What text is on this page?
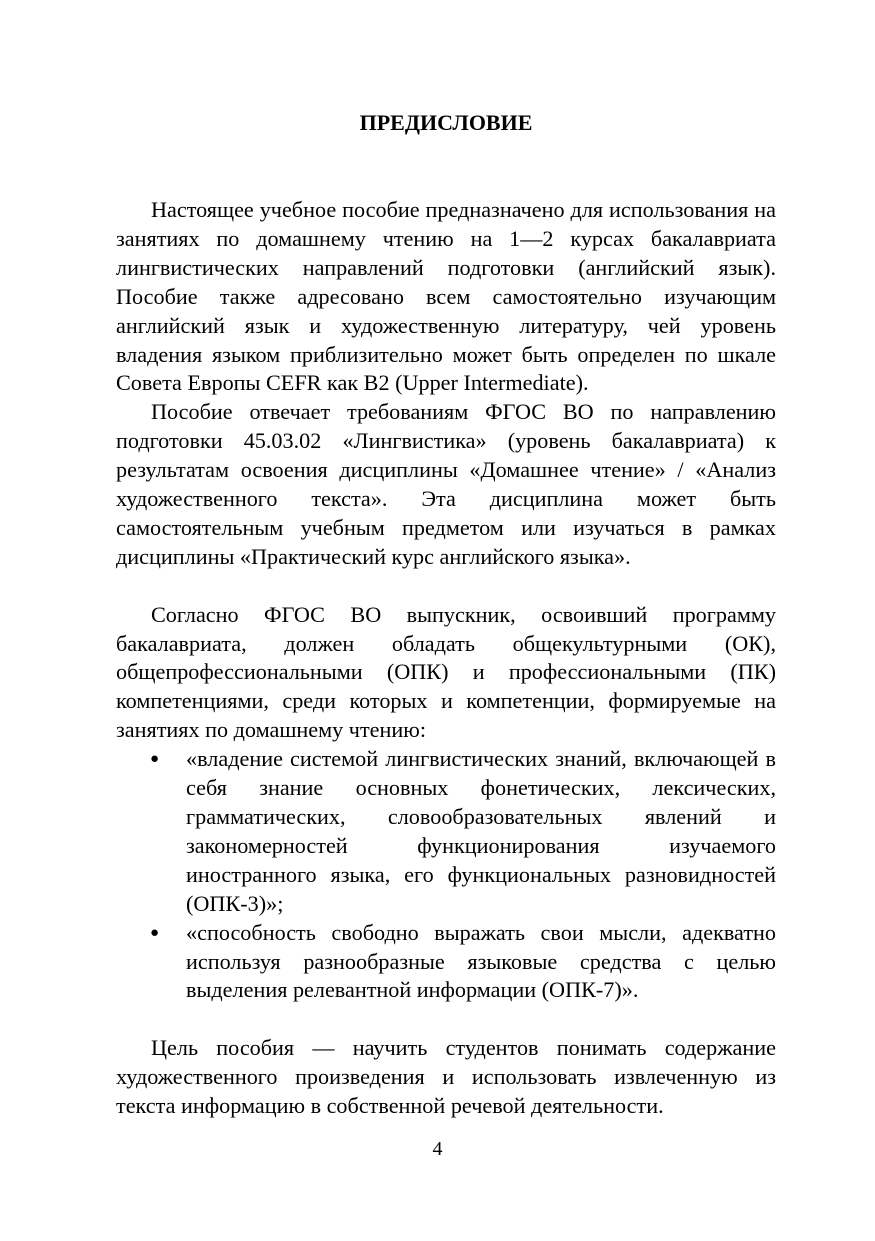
ПРЕДИСЛОВИЕ

Настоящее учебное пособие предназначено для использования на занятиях по домашнему чтению на 1—2 курсах бакалавриата лингвистических направлений подготовки (английский язык). Пособие также адресовано всем самостоятельно изучающим английский язык и художественную литературу, чей уровень владения языком приблизительно может быть определен по шкале Совета Европы CEFR как В2 (Upper Intermediate).

Пособие отвечает требованиям ФГОС ВО по направлению подготовки 45.03.02 «Лингвистика» (уровень бакалавриата) к результатам освоения дисциплины «Домашнее чтение» / «Анализ художественного текста». Эта дисциплина может быть самостоятельным учебным предметом или изучаться в рамках дисциплины «Практический курс английского языка».

Согласно ФГОС ВО выпускник, освоивший программу бакалавриата, должен обладать общекультурными (ОК), общепрофессиональными (ОПК) и профессиональными (ПК) компетенциями, среди которых и компетенции, формируемые на занятиях по домашнему чтению:

● «владение системой лингвистических знаний, включающей в себя знание основных фонетических, лексических, грамматических, словообразовательных явлений и закономерностей функционирования изучаемого иностранного языка, его функциональных разновидностей (ОПК-3)»;
● «способность свободно выражать свои мысли, адекватно используя разнообразные языковые средства с целью выделения релевантной информации (ОПК-7)».

Цель пособия — научить студентов понимать содержание художественного произведения и использовать извлеченную из текста информацию в собственной речевой деятельности.

4
